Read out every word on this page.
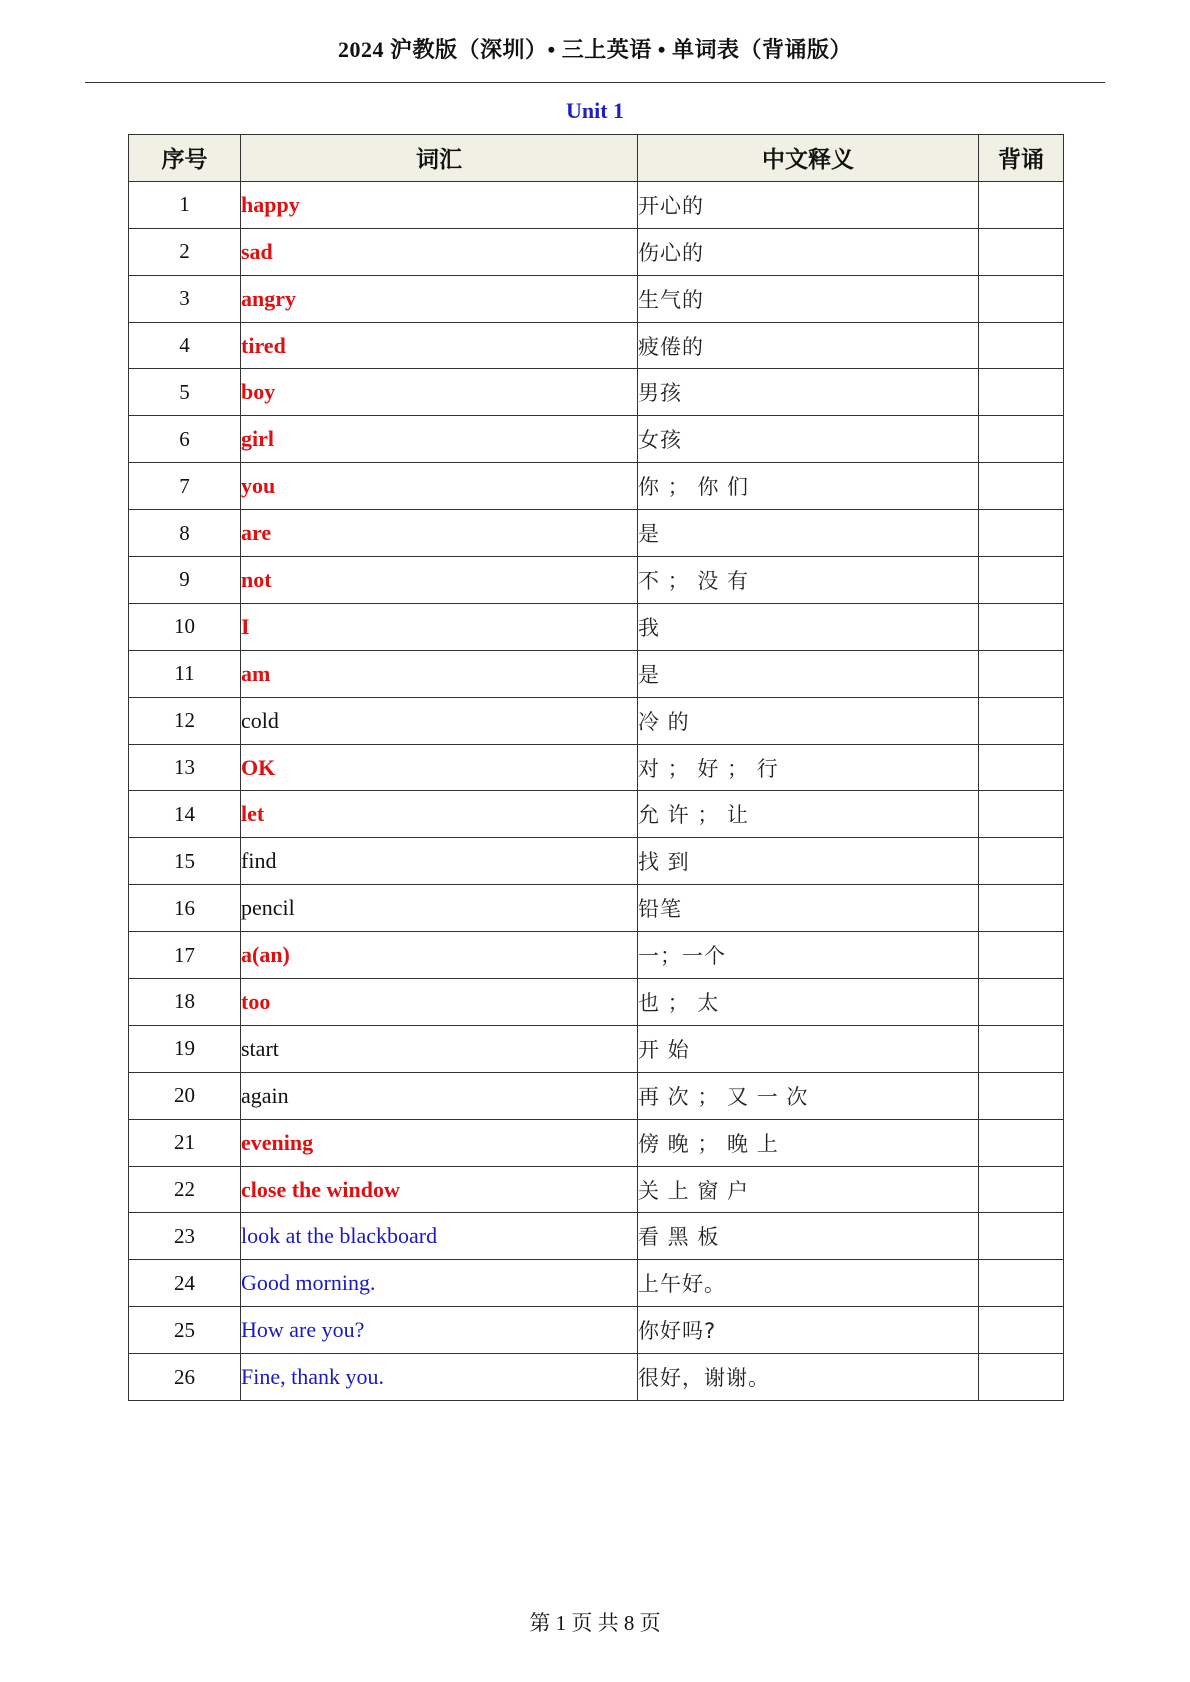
2024 沪教版（深圳）• 三上英语 • 单词表（背诵版）
Unit 1
序号	词汇	中文释义	背诵
1	happy	开心的	
2	sad	伤心的	
3	angry	生气的	
4	tired	疲倦的	
5	boy	男孩	
6	girl	女孩	
7	you	你 ； 你 们	
8	are	是	
9	not	不 ； 没 有	
10	I	我	
11	am	是	
12	cold	冷 的	
13	OK	对 ； 好 ； 行	
14	let	允 许 ； 让	
15	find	找 到	
16	pencil	铅笔	
17	a(an)	一；一个	
18	too	也 ； 太	
19	start	开 始	
20	again	再 次 ； 又 一 次	
21	evening	傍 晚 ； 晚 上	
22	close the window	关 上 窗 户	
23	look at the blackboard	看 黑 板	
24	Good morning.	上午好。	
25	How are you?	你好吗?	
26	Fine, thank you.	很好，谢谢。	
第 1 页 共 8 页
